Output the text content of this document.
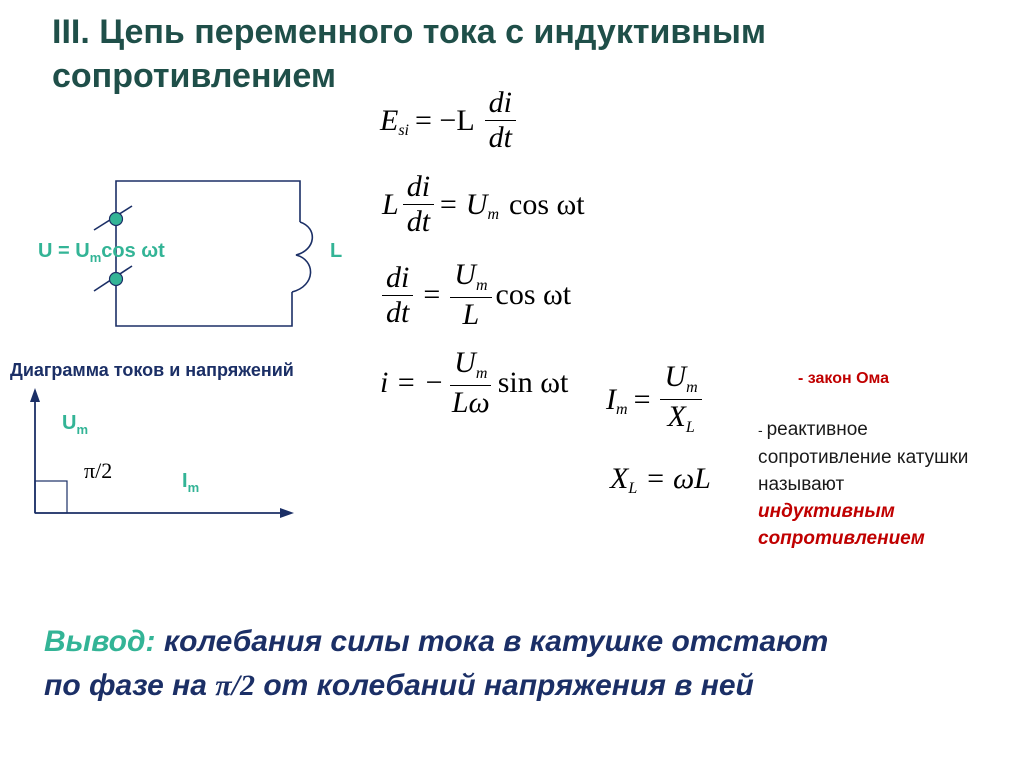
III. Цепь переменного тока с индуктивным
сопротивлением
$U = U_m\cos$ ωt	L
Диаграмма токов и напряжений
$U_m$
$I_m$
π/2
E si = $-L \frac{di}{dt}$
L $\frac{di}{dt} = U$ m cos ωt
$\frac{di}{dt} = \frac{U_m}{L}$ cos ωt
i = − $\frac{U_m}{L\omega}$ sin ωt I $m = \frac{U_m}{X_L}$
X L = ωL
- закон Ома
- реактивное
сопротивление катушки
называют
индуктивным
сопротивлением
Вывод: колебания силы тока в катушке отстают
по фазе на π/2 от колебаний напряжения в ней
